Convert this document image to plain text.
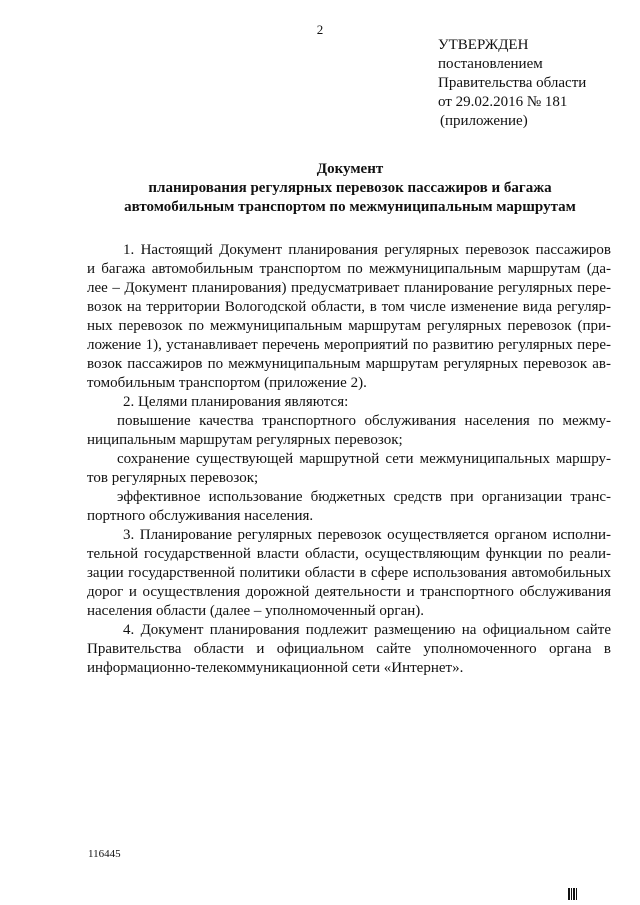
2
УТВЕРЖДЕН
постановлением
Правительства области
от 29.02.2016 № 181
(приложение)
Документ
планирования регулярных перевозок пассажиров и багажа
автомобильным транспортом по межмуниципальным маршрутам
1. Настоящий Документ планирования регулярных перевозок пассажиров
и багажа автомобильным транспортом по межмуниципальным маршрутам (да-
лее – Документ планирования) предусматривает планирование регулярных пере-
возок на территории Вологодской области, в том числе изменение вида регуляр-
ных перевозок по межмуниципальным маршрутам регулярных перевозок (при-
ложение 1), устанавливает перечень мероприятий по развитию регулярных пере-
возок пассажиров по межмуниципальным маршрутам регулярных перевозок ав-
томобильным транспортом (приложение 2).
2. Целями планирования являются:
повышение качества транспортного обслуживания населения по межму-
ниципальным маршрутам регулярных перевозок;
сохранение существующей маршрутной сети межмуниципальных маршру-
тов регулярных перевозок;
эффективное использование бюджетных средств при организации транс-
портного обслуживания населения.
3. Планирование регулярных перевозок осуществляется органом исполни-
тельной государственной власти области, осуществляющим функции по реали-
зации государственной политики области в сфере использования автомобильных
дорог и осуществления дорожной деятельности и транспортного обслуживания
населения области (далее – уполномоченный орган).
4. Документ планирования подлежит размещению на официальном сайте
Правительства области и официальном сайте уполномоченного органа в
информационно-телекоммуникационной сети «Интернет».
116445
